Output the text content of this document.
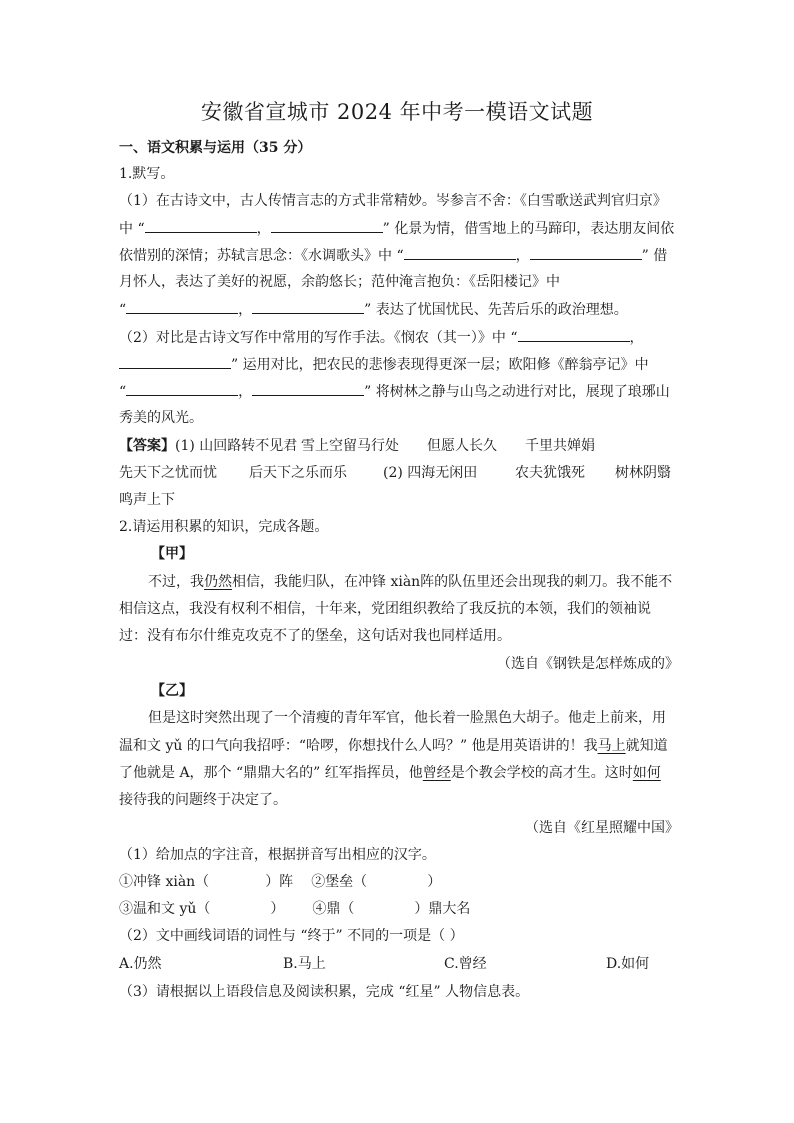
安徽省宣城市 2024 年中考一模语文试题
一、语文积累与运用（35 分）
1.默写。
（1）在古诗文中，古人传情言志的方式非常精妙。岑参言不舍：《白雪歌送武判官归京》
中 “	，	” 化景为情，借雪地上的马蹄印，表达朋友间依
依惜别的深情；苏轼言思念：《水调歌头》中 “	，	” 借
月怀人，表达了美好的祝愿，余韵悠长；范仲淹言抱负：《岳阳楼记》中
“	，	” 表达了忧国忧民、先苦后乐的政治理想。
（2）对比是古诗文写作中常用的写作手法。《悯农（其一）》中 “	，
” 运用对比，把农民的悲惨表现得更深一层；欧阳修《醉翁亭记》中
“	，	” 将树林之静与山鸟之动进行对比，展现了琅琊山
秀美的风光。
【答案】(1) 山回路转不见君 雪上空留马行处 但愿人长久 千里共婵娟
先天下之忧而忧 后天下之乐而乐	(2) 四海无闲田	农夫犹饿死 树林阴翳
鸣声上下
2.请运用积累的知识，完成各题。
【甲】
不过，我仍然相信，我能归队，在冲锋 xiàn阵的队伍里还会出现我的刺刀。我不能不
相信这点，我没有权利不相信，十年来，党团组织教给了我反抗的本领，我们的领袖说
过：没有布尔什维克攻克不了的堡垒，这句话对我也同样适用。
（选自《钢铁是怎样炼成的》
【乙】
但是这时突然出现了一个清瘦的青年军官，他长着一脸黑色大胡子。他走上前来，用
温和文 yǔ 的口气向我招呼：“哈啰，你想找什么人吗？” 他是用英语讲的！我马上就知道
了他就是 A，那个 “鼎鼎大名的” 红军指挥员，他曾经是个教会学校的高才生。这时如何
接待我的问题终于决定了。
（选自《红星照耀中国》
（1）给加点的字注音，根据拼音写出相应的汉字。
①冲锋 xiàn（	）阵 ②堡垒（	）
③温和文 yǔ（	） ④鼎（	）鼎大名
（2）文中画线词语的词性与 “终于” 不同的一项是（ ）
A.仍然	B.马上	C.曾经	D.如何
（3）请根据以上语段信息及阅读积累，完成 “红星” 人物信息表。
